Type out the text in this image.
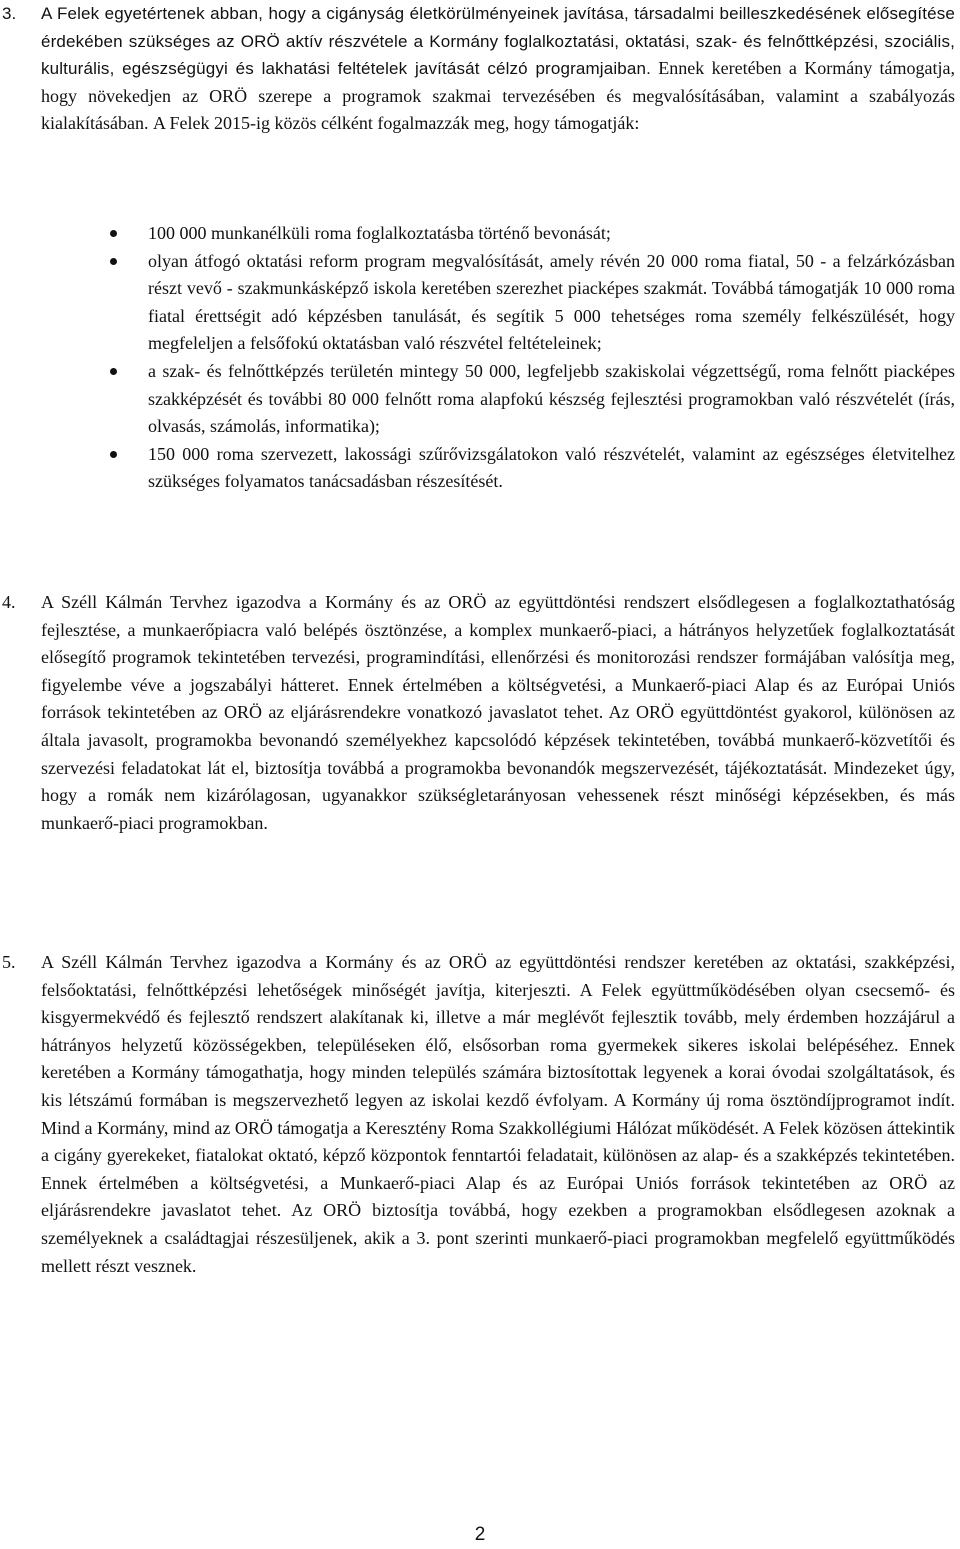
3. A Felek egyetértenek abban, hogy a cigányság életkörülményeinek javítása, társadalmi beilleszkedésének elősegítése érdekében szükséges az ORÖ aktív részvétele a Kormány foglalkoztatási, oktatási, szak- és felnőttképzési, szociális, kulturális, egészségügyi és lakhatási feltételek javítását célzó programjaiban. Ennek keretében a Kormány támogatja, hogy növekedjen az ORÖ szerepe a programok szakmai tervezésében és megvalósításában, valamint a szabályozás kialakításában. A Felek 2015-ig közös célként fogalmazzák meg, hogy támogatják:
100 000 munkanélküli roma foglalkoztatásba történő bevonását;
olyan átfogó oktatási reform program megvalósítását, amely révén 20 000 roma fiatal, 50 - a felzárkózásban részt vevő - szakmunkásképző iskola keretében szerezhet piacképes szakmát. Továbbá támogatják 10 000 roma fiatal érettségit adó képzésben tanulását, és segítik 5 000 tehetséges roma személy felkészülését, hogy megfeleljen a felsőfokú oktatásban való részvétel feltételeinek;
a szak- és felnőttképzés területén mintegy 50 000, legfeljebb szakiskolai végzettségű, roma felnőtt piacképes szakképzését és további 80 000 felnőtt roma alapfokú készség fejlesztési programokban való részvételét (írás, olvasás, számolás, informatika);
150 000 roma szervezett, lakossági szűrővizsgálatokon való részvételét, valamint az egészséges életvitelhez szükséges folyamatos tanácsadásban részesítését.
4. A Széll Kálmán Tervhez igazodva a Kormány és az ORÖ az együttdöntési rendszert elsődlegesen a foglalkoztathatóság fejlesztése, a munkaerőpiacra való belépés ösztönzése, a komplex munkaerő-piaci, a hátrányos helyzetűek foglalkoztatását elősegítő programok tekintetében tervezési, programindítási, ellenőrzési és monitorozási rendszer formájában valósítja meg, figyelembe véve a jogszabályi hátteret. Ennek értelmében a költségvetési, a Munkaerő-piaci Alap és az Európai Uniós források tekintetében az ORÖ az eljárásrendekre vonatkozó javaslatot tehet. Az ORÖ együttdöntést gyakorol, különösen az általa javasolt, programokba bevonandó személyekhez kapcsolódó képzések tekintetében, továbbá munkaerő-közvetítői és szervezési feladatokat lát el, biztosítja továbbá a programokba bevonandók megszervezését, tájékoztatását. Mindezeket úgy, hogy a romák nem kizárólagosan, ugyanakkor szükségletarányosan vehessenek részt minőségi képzésekben, és más munkaerő-piaci programokban.
5. A Széll Kálmán Tervhez igazodva a Kormány és az ORÖ az együttdöntési rendszer keretében az oktatási, szakképzési, felsőoktatási, felnőttképzési lehetőségek minőségét javítja, kiterjeszti. A Felek együttműködésében olyan csecsemő- és kisgyermekvédő és fejlesztő rendszert alakítanak ki, illetve a már meglévőt fejlesztik tovább, mely érdemben hozzájárul a hátrányos helyzetű közösségekben, településeken élő, elsősorban roma gyermekek sikeres iskolai belépéséhez. Ennek keretében a Kormány támogathatja, hogy minden település számára biztosítottak legyenek a korai óvodai szolgáltatások, és kis létszámú formában is megszervezhető legyen az iskolai kezdő évfolyam. A Kormány új roma ösztöndíjprogramot indít. Mind a Kormány, mind az ORÖ támogatja a Keresztény Roma Szakkollégiumi Hálózat működését. A Felek közösen áttekintik a cigány gyerekeket, fiatalokat oktató, képző központok fenntartói feladatait, különösen az alap- és a szakképzés tekintetében. Ennek értelmében a költségvetési, a Munkaerő-piaci Alap és az Európai Uniós források tekintetében az ORÖ az eljárásrendekre javaslatot tehet. Az ORÖ biztosítja továbbá, hogy ezekben a programokban elsődlegesen azoknak a személyeknek a családtagjai részesüljenek, akik a 3. pont szerinti munkaerő-piaci programokban megfelelő együttműködés mellett részt vesznek.
2
